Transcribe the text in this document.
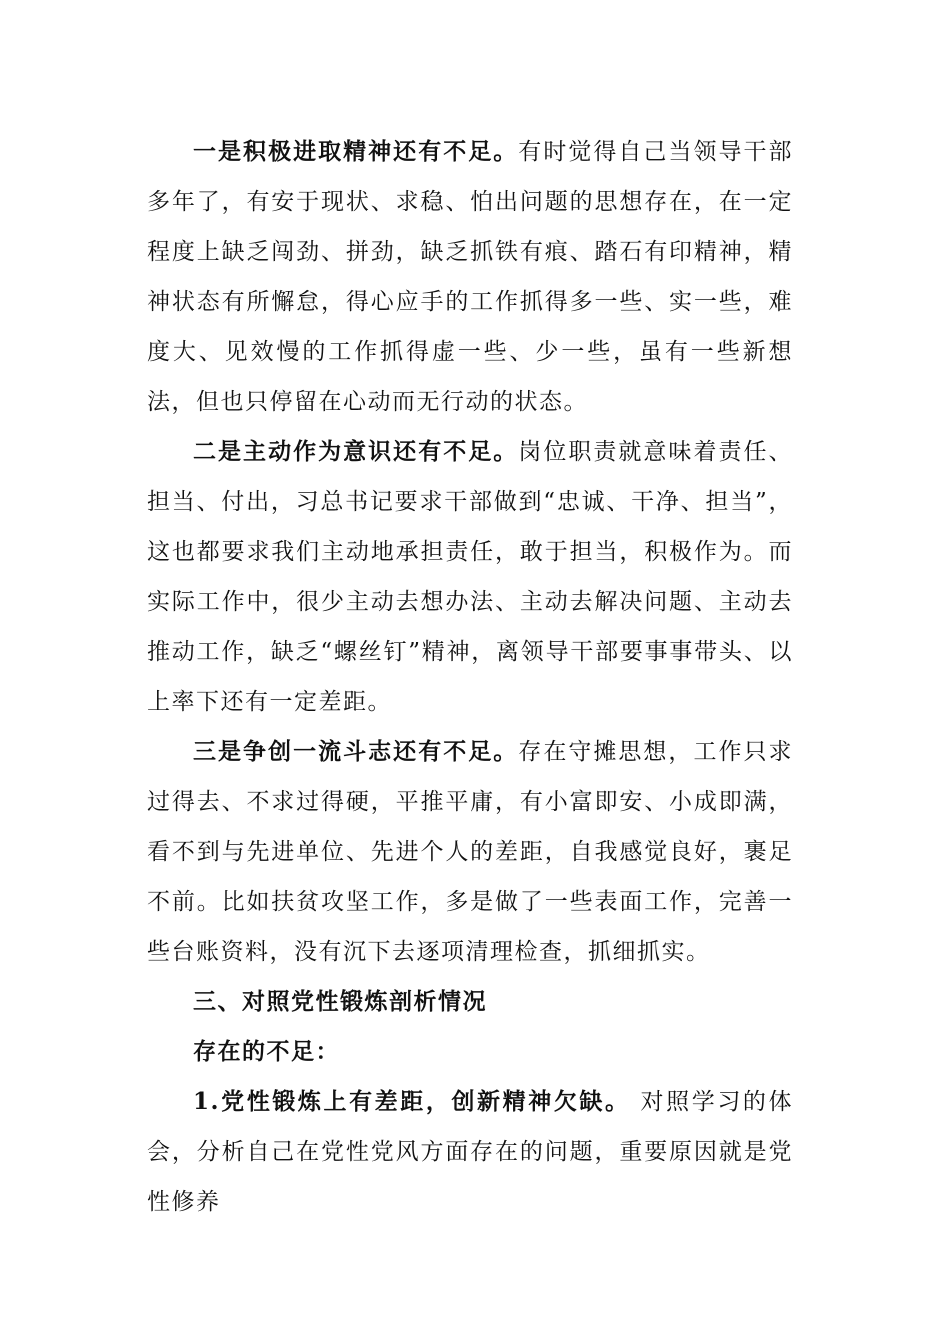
一是积极进取精神还有不足。有时觉得自己当领导干部多年了，有安于现状、求稳、怕出问题的思想存在，在一定程度上缺乏闯劲、拼劲，缺乏抓铁有痕、踏石有印精神，精神状态有所懈怠，得心应手的工作抓得多一些、实一些，难度大、见效慢的工作抓得虚一些、少一些，虽有一些新想法，但也只停留在心动而无行动的状态。

二是主动作为意识还有不足。岗位职责就意味着责任、担当、付出，习总书记要求干部做到“忠诚、干净、担当”，这也都要求我们主动地承担责任，敢于担当，积极作为。而实际工作中，很少主动去想办法、主动去解决问题、主动去推动工作，缺乏“螺丝钉”精神，离领导干部要事事带头、以上率下还有一定差距。

三是争创一流斗志还有不足。存在守摊思想，工作只求过得去、不求过得硬，平推平庸，有小富即安、小成即满，看不到与先进单位、先进个人的差距，自我感觉良好，裹足不前。比如扶贫攻坚工作，多是做了一些表面工作，完善一些台账资料，没有沉下去逐项清理检查，抓细抓实。

三、对照党性锻炼剖析情况

存在的不足：

1.党性锻炼上有差距，创新精神欠缺。 对照学习的体会，分析自己在党性党风方面存在的问题，重要原因就是党性修养
